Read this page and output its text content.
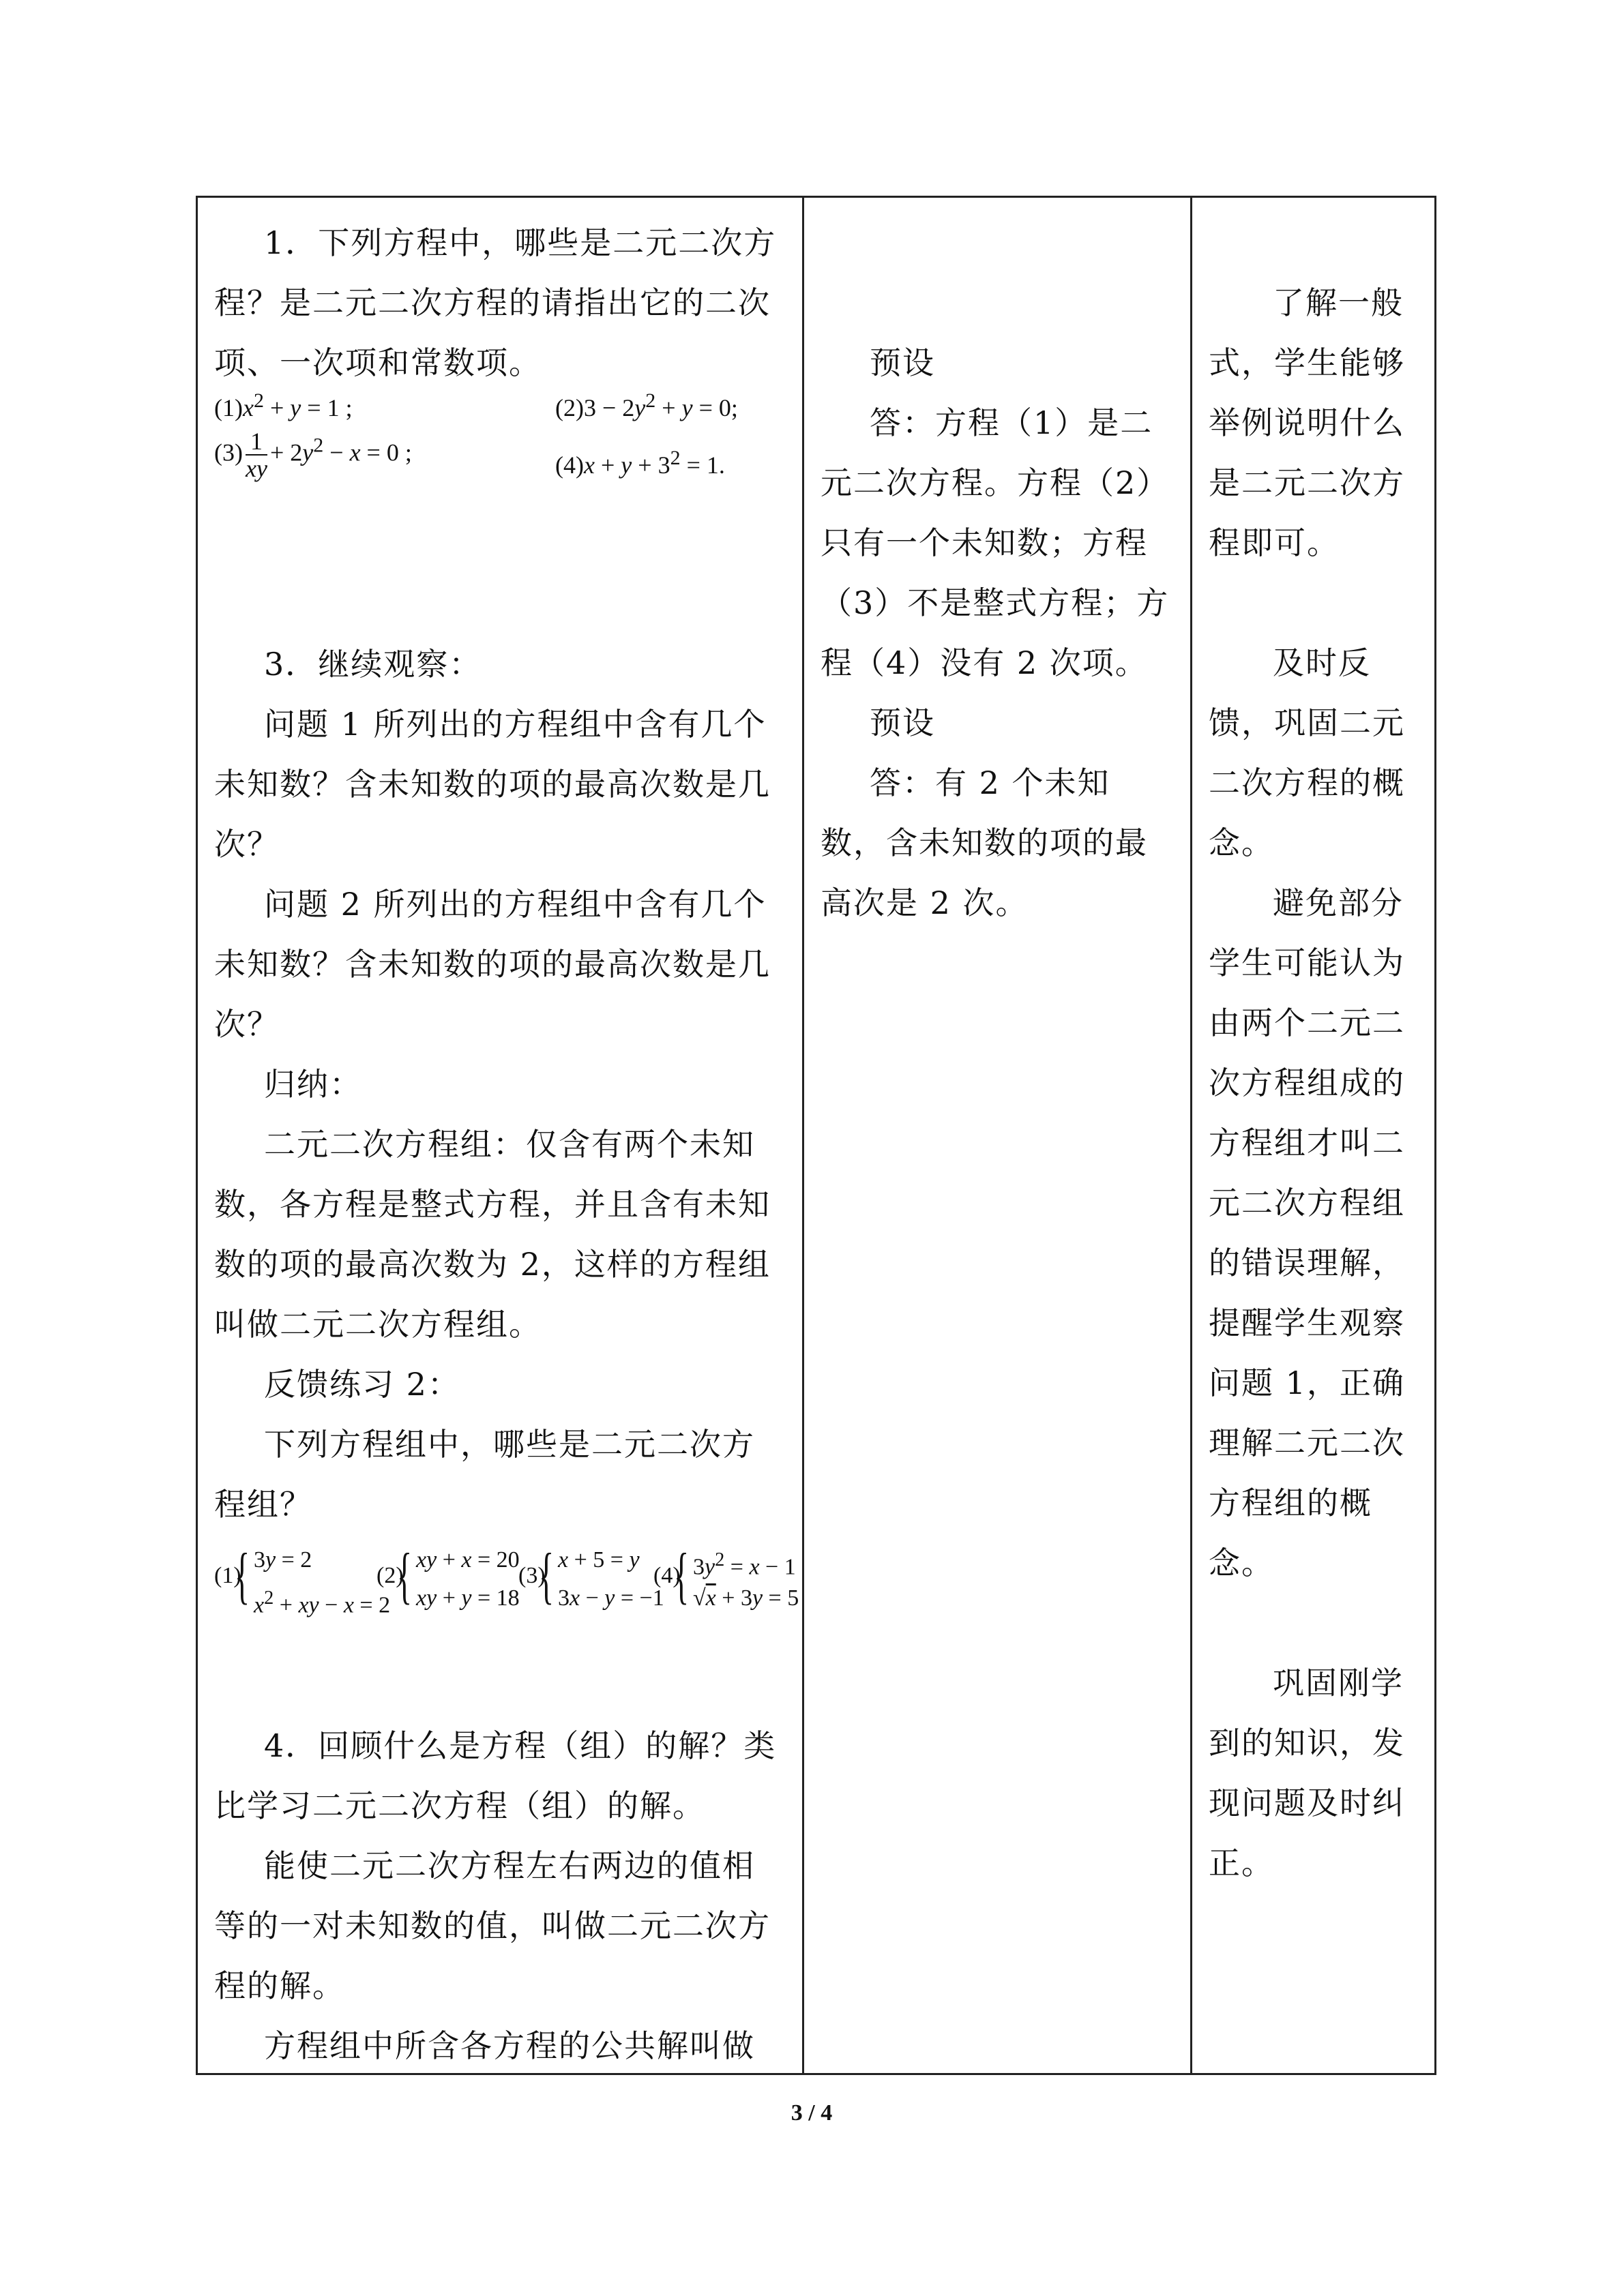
1．下列方程中，哪些是二元二次方
程？是二元二次方程的请指出它的二次
项、一次项和常数项。
$(1)x^2 + y = 1$ ;	$(2)3 - 2y^2 + y = 0$;
$(3) \frac{1}{xy} + 2y^2 - x = 0$ ;	$(4)x + y + 3^2 = 1$.
3．继续观察：
问题 1 所列出的方程组中含有几个
未知数？含未知数的项的最高次数是几
次？
问题 2 所列出的方程组中含有几个
未知数？含未知数的项的最高次数是几
次？
归纳：
二元二次方程组：仅含有两个未知
数，各方程是整式方程，并且含有未知
数的项的最高次数为 2，这样的方程组
叫做二元二次方程组。
反馈练习 2：
下列方程组中，哪些是二元二次方
程组？
(1)
{ 3y = 2
$x^2$ + xy − x = 2
(2)
{ xy + x = 20
xy + y = 18
(3)
{ x + 5 = y
3x − y = −1
(4)
{ $3y^2 = x - 1$
√x + 3y = 5
4．回顾什么是方程（组）的解？类
比学习二元二次方程（组）的解。
能使二元二次方程左右两边的值相
等的一对未知数的值，叫做二元二次方
程的解。
方程组中所含各方程的公共解叫做

预设
答：方程（1）是二
元二次方程。方程（2）
只有一个未知数；方程
（3）不是整式方程；方
程（4）没有 2 次项。
预设
答：有 2 个未知
数，含未知数的项的最
高次是 2 次。

了解一般
式，学生能够
举例说明什么
是二元二次方
程即可。
及时反
馈，巩固二元
二次方程的概
念。
避免部分
学生可能认为
由两个二元二
次方程组成的
方程组才叫二
元二次方程组
的错误理解，
提醒学生观察
问题 1，正确
理解二元二次
方程组的概
念。
巩固刚学
到的知识，发
现问题及时纠
正。
3 / 4
